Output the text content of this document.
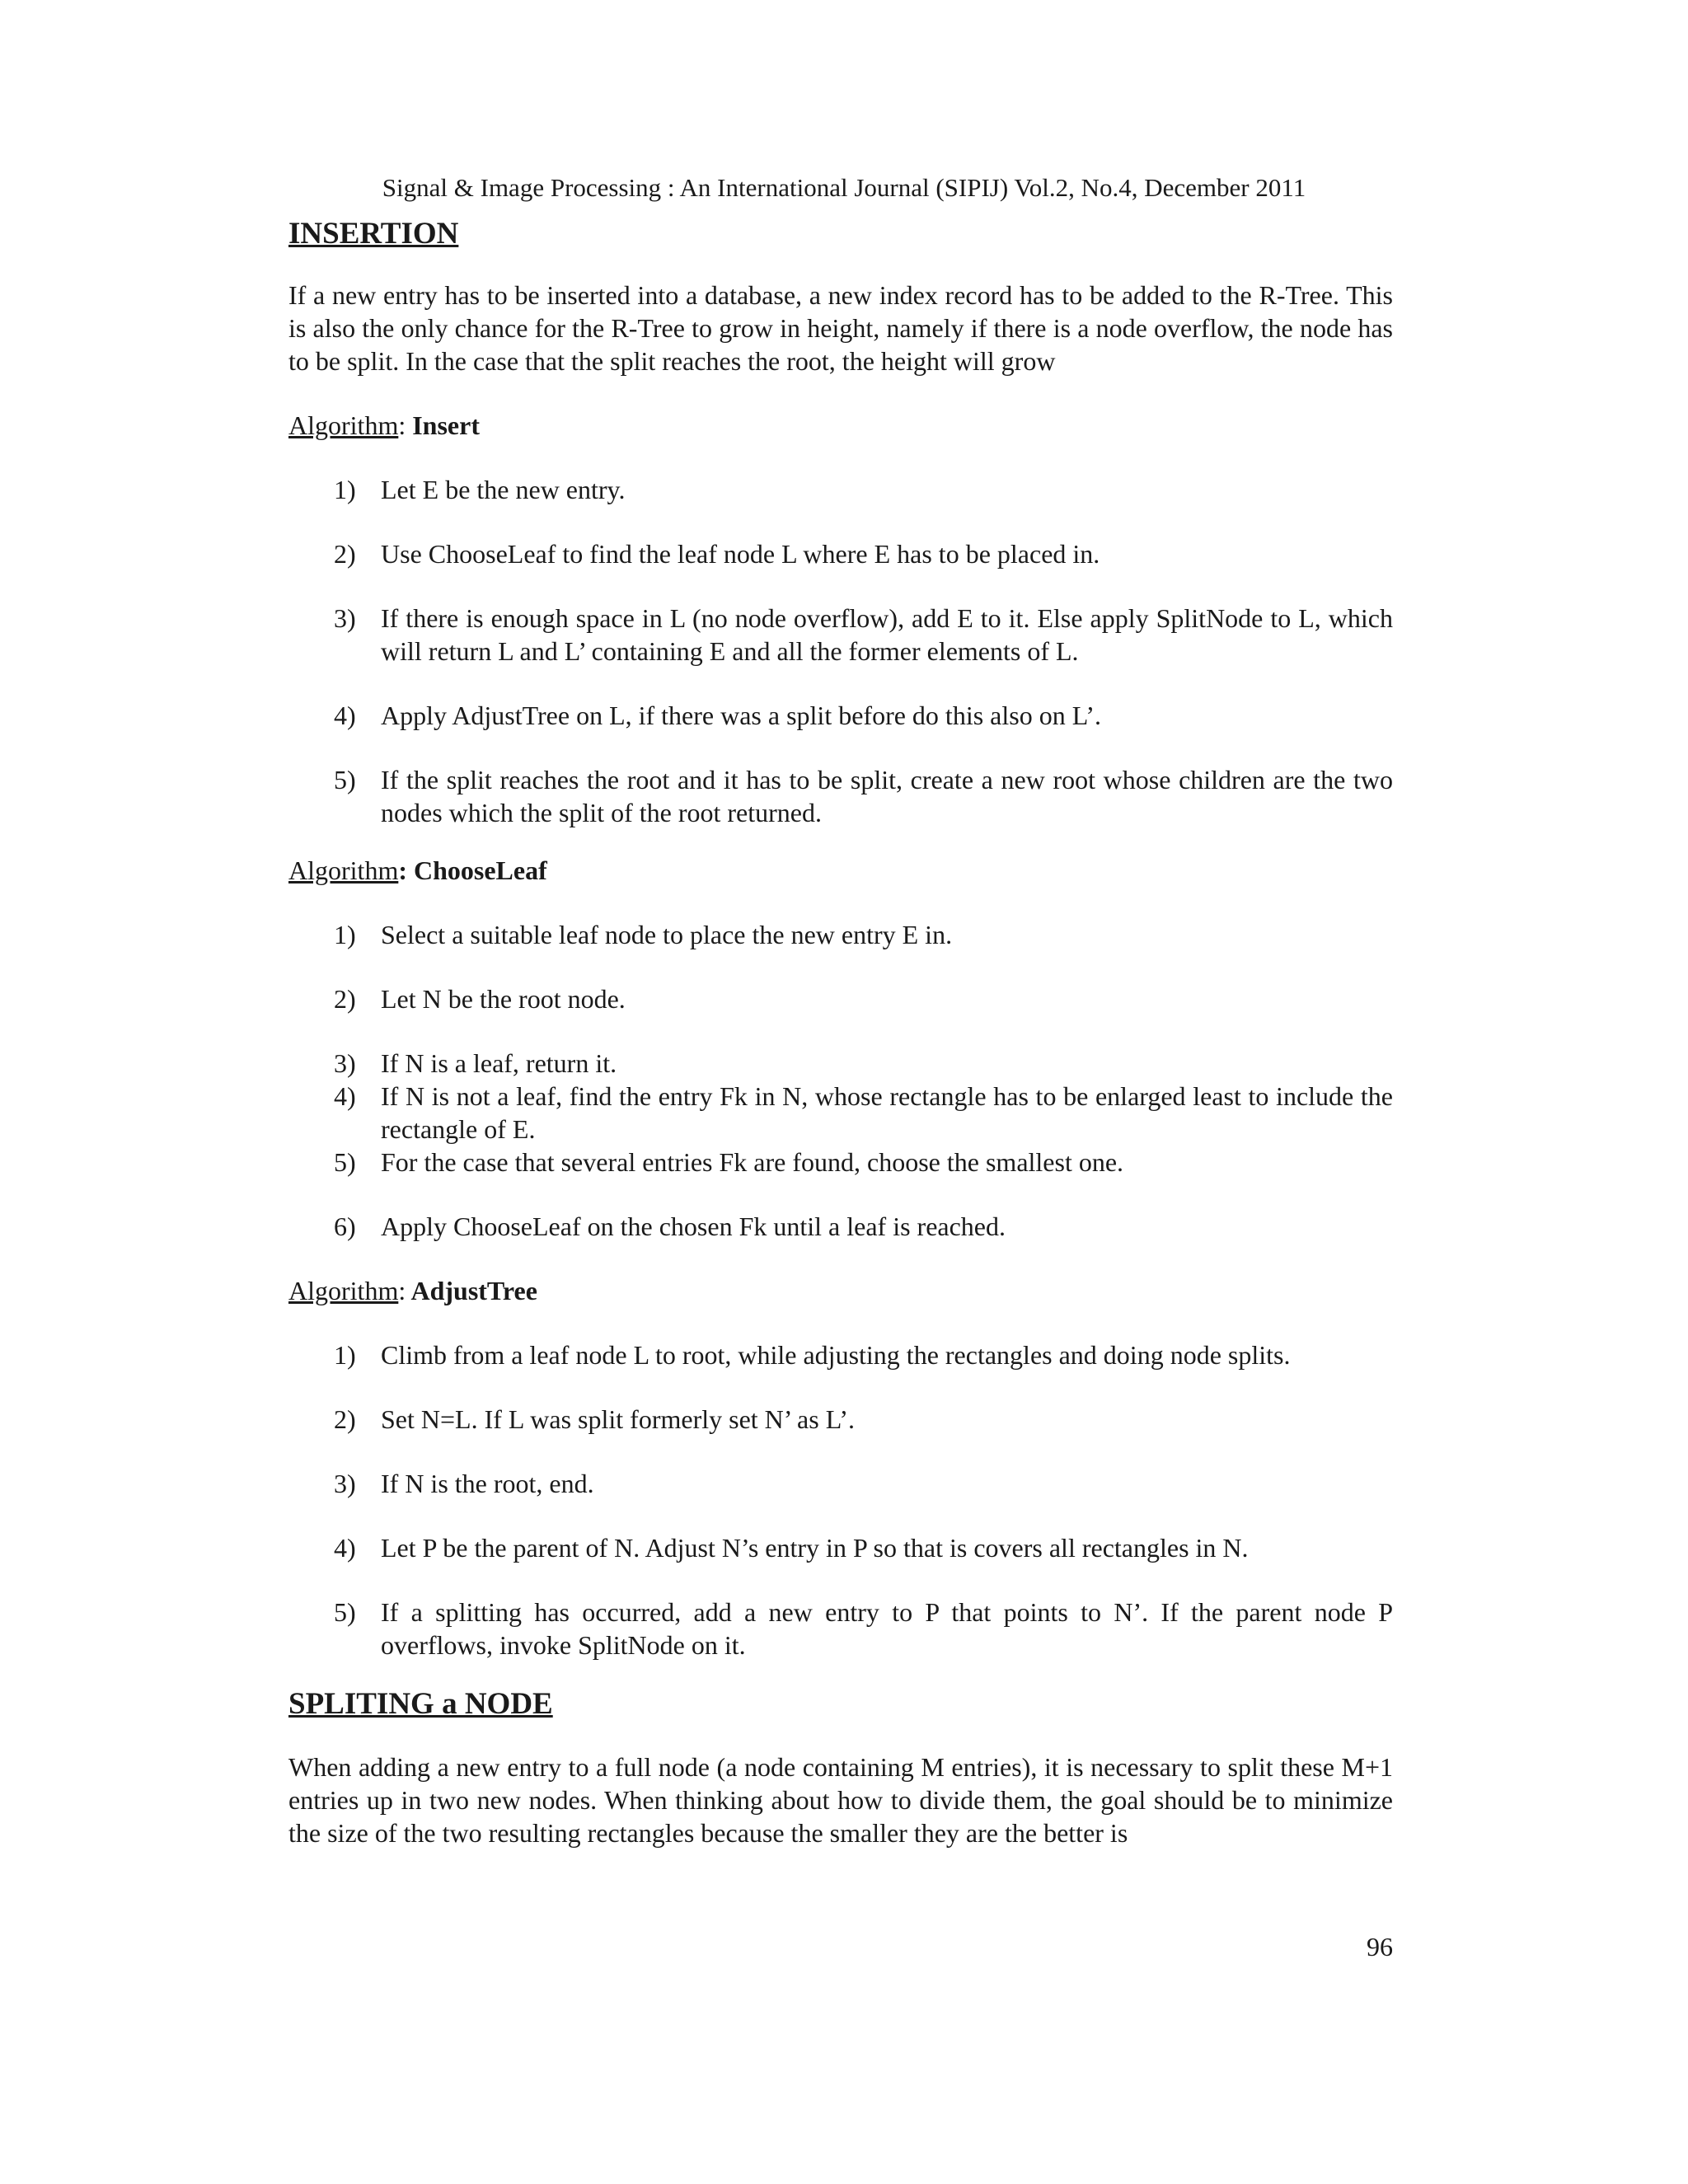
Signal & Image Processing : An International Journal (SIPIJ) Vol.2, No.4, December 2011
INSERTION

If a new entry has to be inserted into a database, a new index record has to be added to the R-Tree. This is also the only chance for the R-Tree to grow in height, namely if there is a node overflow, the node has to be split. In the case that the split reaches the root, the height will grow

Algorithm: Insert

1) Let E be the new entry.
2) Use ChooseLeaf to find the leaf node L where E has to be placed in.
3) If there is enough space in L (no node overflow), add E to it. Else apply SplitNode to L, which will return L and L’ containing E and all the former elements of L.
4) Apply AdjustTree on L, if there was a split before do this also on L’.
5) If the split reaches the root and it has to be split, create a new root whose children are the two nodes which the split of the root returned.

Algorithm: ChooseLeaf

1) Select a suitable leaf node to place the new entry E in.
2) Let N be the root node.
3) If N is a leaf, return it.
4) If N is not a leaf, find the entry Fk in N, whose rectangle has to be enlarged least to include the rectangle of E.
5) For the case that several entries Fk are found, choose the smallest one.
6) Apply ChooseLeaf on the chosen Fk until a leaf is reached.

Algorithm: AdjustTree

1) Climb from a leaf node L to root, while adjusting the rectangles and doing node splits.
2) Set N=L. If L was split formerly set N’ as L’.
3) If N is the root, end.
4) Let P be the parent of N. Adjust N’s entry in P so that is covers all rectangles in N.
5) If a splitting has occurred, add a new entry to P that points to N’. If the parent node P overflows, invoke SplitNode on it.
SPLITING a NODE

When adding a new entry to a full node (a node containing M entries), it is necessary to split these M+1 entries up in two new nodes. When thinking about how to divide them, the goal should be to minimize the size of the two resulting rectangles because the smaller they are the better is

96
